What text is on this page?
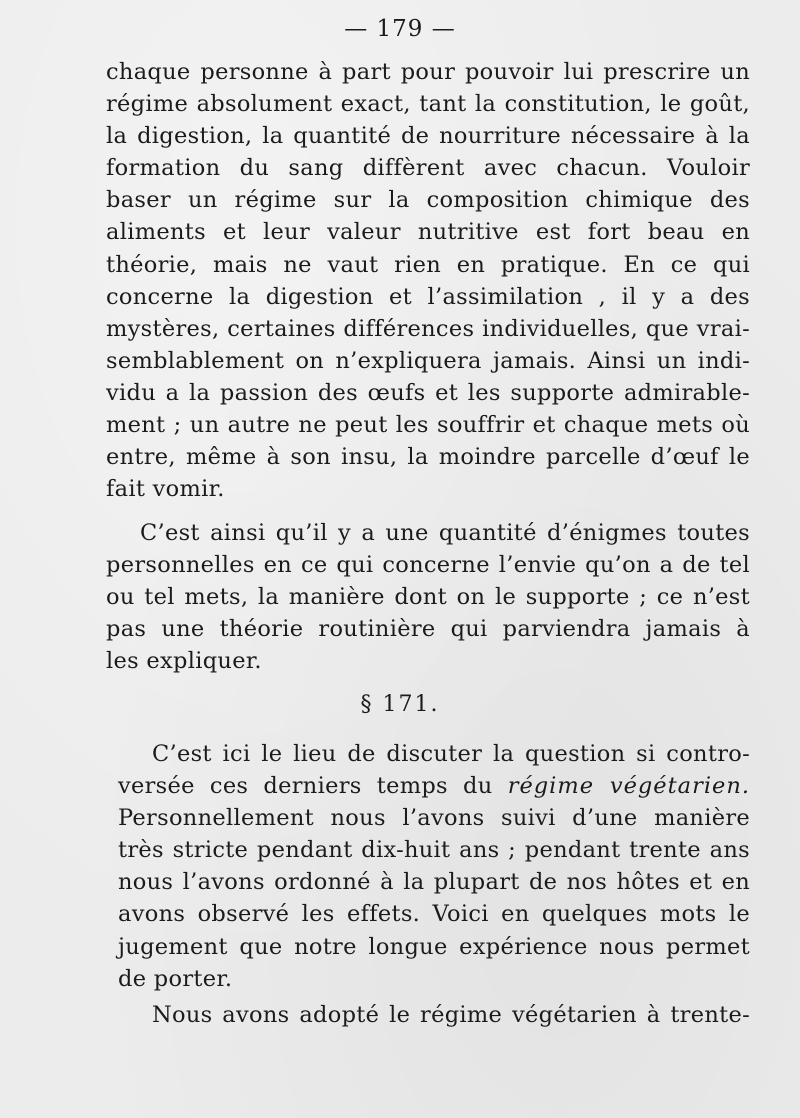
— 179 —
chaque personne à part pour pouvoir lui prescrire un
régime absolument exact, tant la constitution, le goût,
la digestion, la quantité de nourriture nécessaire à la
formation du sang diffèrent avec chacun. Vouloir
baser un régime sur la composition chimique des
aliments et leur valeur nutritive est fort beau en
théorie, mais ne vaut rien en pratique. En ce qui
concerne la digestion et l’assimilation , il y a des
mystères, certaines différences individuelles, que vrai-
semblablement on n’expliquera jamais. Ainsi un indi-
vidu a la passion des œufs et les supporte admirable-
ment ; un autre ne peut les souffrir et chaque mets où
entre, même à son insu, la moindre parcelle d’œuf le
fait vomir.
C’est ainsi qu’il y a une quantité d’énigmes toutes
personnelles en ce qui concerne l’envie qu’on a de tel
ou tel mets, la manière dont on le supporte ; ce n’est
pas une théorie routinière qui parviendra jamais à
les expliquer.
§ 171.
C’est ici le lieu de discuter la question si contro-
versée ces derniers temps du régime végétarien.
Personnellement nous l’avons suivi d’une manière
très stricte pendant dix-huit ans ; pendant trente ans
nous l’avons ordonné à la plupart de nos hôtes et en
avons observé les effets. Voici en quelques mots le
jugement que notre longue expérience nous permet
de porter.
Nous avons adopté le régime végétarien à trente-
